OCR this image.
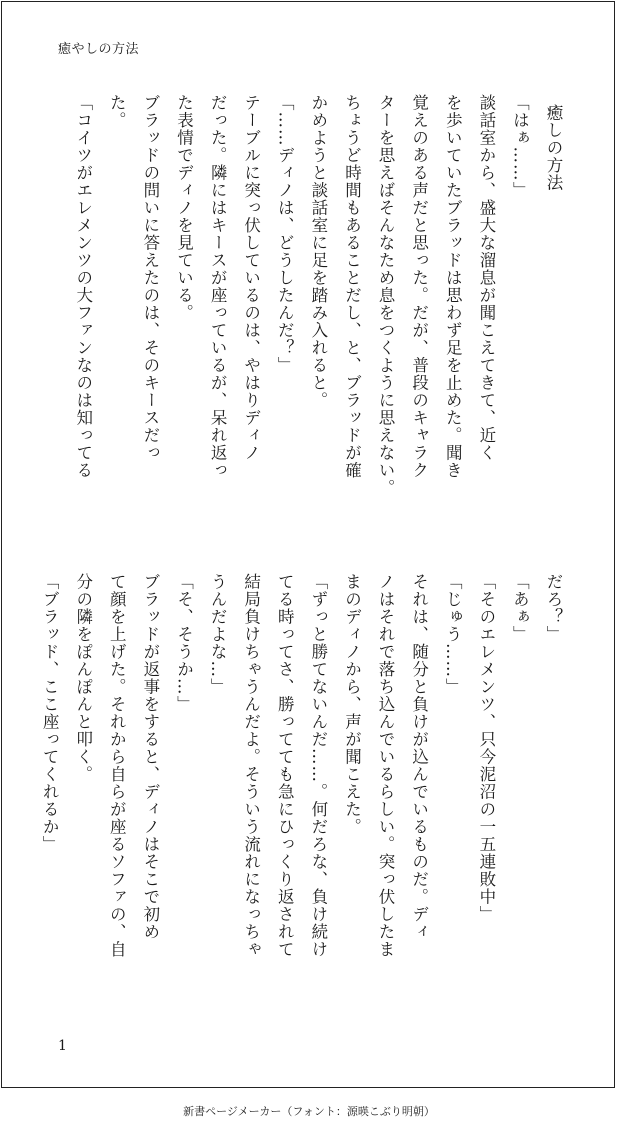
癒やしの方法
癒しの方法
「はぁ……」
談話室から、盛大な溜息が聞こえてきて、近く
を歩いていたブラッドは思わず足を止めた。聞き
覚えのある声だと思った。だが、普段のキャラク
ターを思えばそんなため息をつくように思えない。
ちょうど時間もあることだし、と、ブラッドが確
かめようと談話室に足を踏み入れると。
「……ディノは、どうしたんだ？」
テーブルに突っ伏しているのは、やはりディノ
だった。隣にはキースが座っているが、呆れ返っ
た表情でディノを見ている。
ブラッドの問いに答えたのは、そのキースだっ
た。
「コイツがエレメンツの大ファンなのは知ってる
だろ？」
「あぁ」
「そのエレメンツ、只今泥沼の一五連敗中」
「じゅう……」
それは、随分と負けが込んでいるものだ。ディ
ノはそれで落ち込んでいるらしい。突っ伏したま
まのディノから、声が聞こえた。
「ずっと勝てないんだ……。何だろな、負け続け
てる時ってさ、勝ってても急にひっくり返されて
結局負けちゃうんだよ。そういう流れになっちゃ
うんだよな…」
「そ、そうか…」
ブラッドが返事をすると、ディノはそこで初め
て顔を上げた。それから自らが座るソファの、自
分の隣をぽんぽんと叩く。
「ブラッド、ここ座ってくれるか」
1
新書ページメーカー（フォント：源暎こぶり明朝）
